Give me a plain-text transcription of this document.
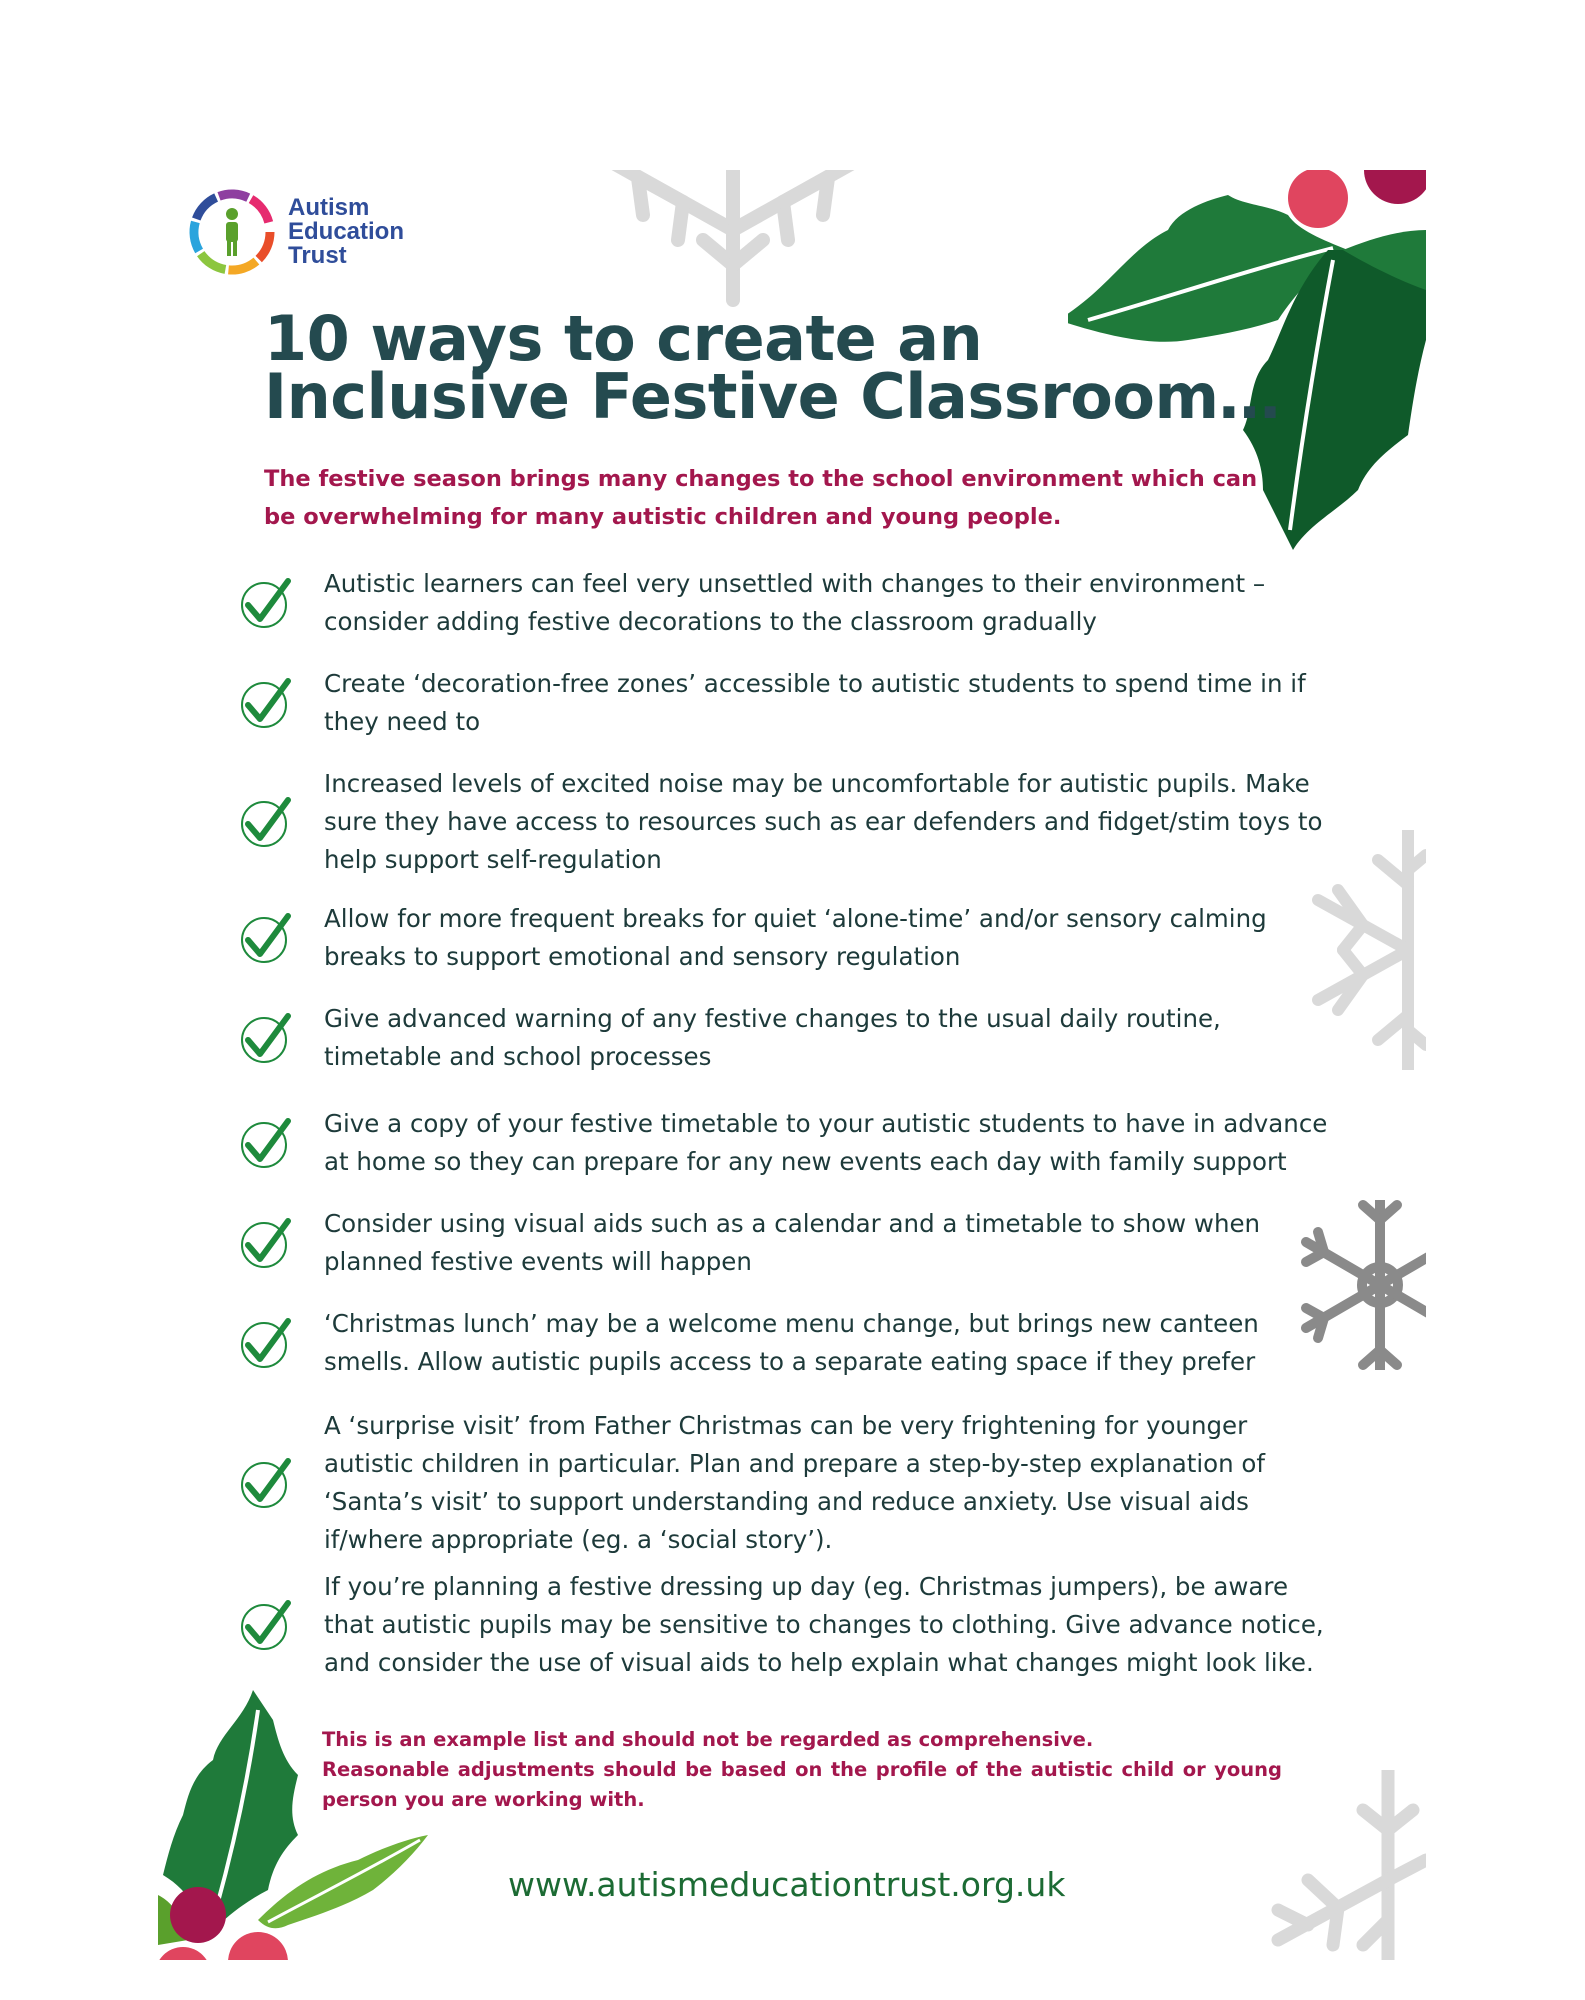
Autism
Education
Trust
10 ways to create an
Inclusive Festive Classroom…
The festive season brings many changes to the school environment which can
be overwhelming for many autistic children and young people.
Autistic learners can feel very unsettled with changes to their environment –
consider adding festive decorations to the classroom gradually
Create ‘decoration-free zones’ accessible to autistic students to spend time in if
they need to
Increased levels of excited noise may be uncomfortable for autistic pupils. Make
sure they have access to resources such as ear defenders and fidget/stim toys to
help support self-regulation
Allow for more frequent breaks for quiet ‘alone-time’ and/or sensory calming
breaks to support emotional and sensory regulation
Give advanced warning of any festive changes to the usual daily routine,
timetable and school processes
Give a copy of your festive timetable to your autistic students to have in advance
at home so they can prepare for any new events each day with family support
Consider using visual aids such as a calendar and a timetable to show when
planned festive events will happen
‘Christmas lunch’ may be a welcome menu change, but brings new canteen
smells. Allow autistic pupils access to a separate eating space if they prefer
A ‘surprise visit’ from Father Christmas can be very frightening for younger
autistic children in particular. Plan and prepare a step-by-step explanation of
‘Santa’s visit’ to support understanding and reduce anxiety. Use visual aids
if/where appropriate (eg. a ‘social story’).
If you’re planning a festive dressing up day (eg. Christmas jumpers), be aware
that autistic pupils may be sensitive to changes to clothing. Give advance notice,
and consider the use of visual aids to help explain what changes might look like.
This is an example list and should not be regarded as comprehensive.
Reasonable adjustments should be based on the profile of the autistic child or young
person you are working with.
www.autismeducationtrust.org.uk
